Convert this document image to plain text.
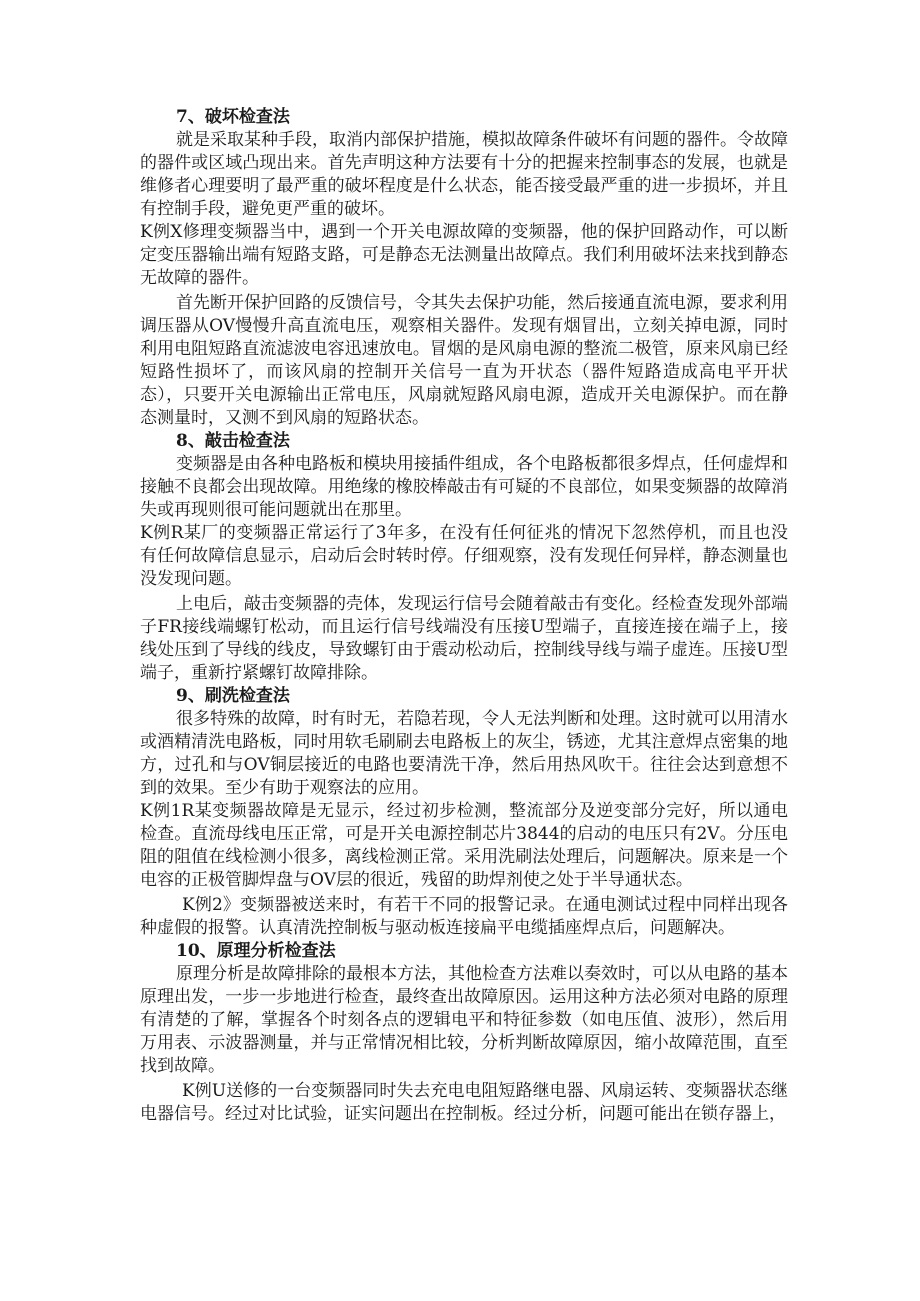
7、破坏检查法

就是采取某种手段，取消内部保护措施，模拟故障条件破坏有问题的器件。令故障的器件或区域凸现出来。首先声明这种方法要有十分的把握来控制事态的发展，也就是维修者心理要明了最严重的破坏程度是什么状态，能否接受最严重的进一步损坏，并且有控制手段，避免更严重的破坏。

K例X修理变频器当中，遇到一个开关电源故障的变频器，他的保护回路动作，可以断定变压器输出端有短路支路，可是静态无法测量出故障点。我们利用破坏法来找到静态无故障的器件。

首先断开保护回路的反馈信号，令其失去保护功能，然后接通直流电源，要求利用调压器从OV慢慢升高直流电压，观察相关器件。发现有烟冒出，立刻关掉电源，同时利用电阻短路直流滤波电容迅速放电。冒烟的是风扇电源的整流二极管，原来风扇已经短路性损坏了，而该风扇的控制开关信号一直为开状态（器件短路造成高电平开状态），只要开关电源输出正常电压，风扇就短路风扇电源，造成开关电源保护。而在静态测量时，又测不到风扇的短路状态。

8、敲击检查法

变频器是由各种电路板和模块用接插件组成，各个电路板都很多焊点，任何虚焊和接触不良都会出现故障。用绝缘的橡胶棒敲击有可疑的不良部位，如果变频器的故障消失或再现则很可能问题就出在那里。

K例R某厂的变频器正常运行了3年多，在没有任何征兆的情况下忽然停机，而且也没有任何故障信息显示，启动后会时转时停。仔细观察，没有发现任何异样，静态测量也没发现问题。

上电后，敲击变频器的壳体，发现运行信号会随着敲击有变化。经检查发现外部端子FR接线端螺钉松动，而且运行信号线端没有压接U型端子，直接连接在端子上，接线处压到了导线的线皮，导致螺钉由于震动松动后，控制线导线与端子虚连。压接U型端子，重新拧紧螺钉故障排除。

9、刷洗检查法

很多特殊的故障，时有时无，若隐若现，令人无法判断和处理。这时就可以用清水或酒精清洗电路板，同时用软毛刷刷去电路板上的灰尘，锈迹，尤其注意焊点密集的地方，过孔和与OV铜层接近的电路也要清洗干净，然后用热风吹干。往往会达到意想不到的效果。至少有助于观察法的应用。

K例1R某变频器故障是无显示，经过初步检测，整流部分及逆变部分完好，所以通电检查。直流母线电压正常，可是开关电源控制芯片3844的启动的电压只有2V。分压电阻的阻值在线检测小很多，离线检测正常。采用洗刷法处理后，问题解决。原来是一个电容的正极管脚焊盘与OV层的很近，残留的助焊剂使之处于半导通状态。

K例2》变频器被送来时，有若干不同的报警记录。在通电测试过程中同样出现各种虚假的报警。认真清洗控制板与驱动板连接扁平电缆插座焊点后，问题解决。

10、原理分析检查法

原理分析是故障排除的最根本方法，其他检查方法难以奏效时，可以从电路的基本原理出发，一步一步地进行检查，最终查出故障原因。运用这种方法必须对电路的原理有清楚的了解，掌握各个时刻各点的逻辑电平和特征参数（如电压值、波形），然后用万用表、示波器测量，并与正常情况相比较，分析判断故障原因，缩小故障范围，直至找到故障。

K例U送修的一台变频器同时失去充电电阻短路继电器、风扇运转、变频器状态继电器信号。经过对比试验，证实问题出在控制板。经过分析，问题可能出在锁存器上，
